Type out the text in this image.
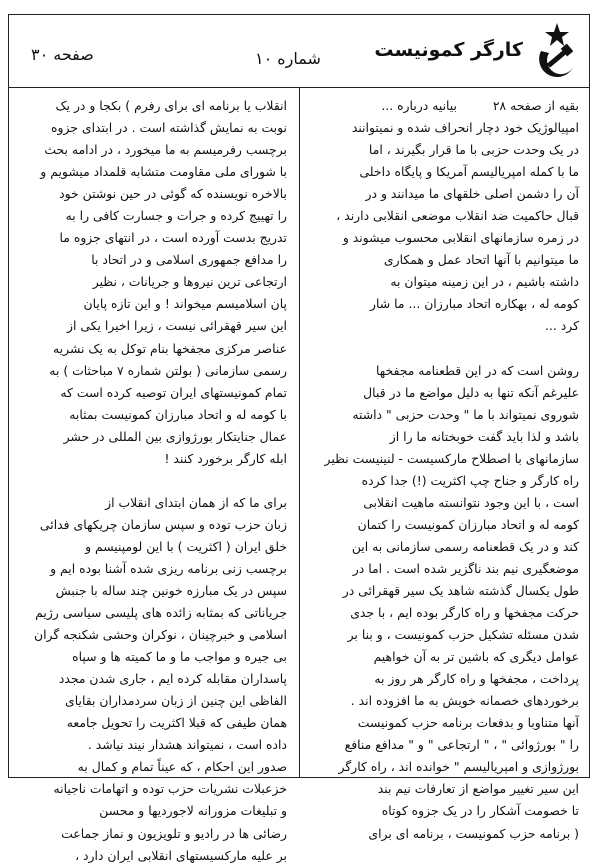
کارگر کمونیست
شماره ۱۰
صفحه ۳۰
بقیه از صفحه ۲۸  بیانیه درباره ...
امپیالوژیک خود دچار انحراف شده و نمیتوانند
در یک وحدت حزبی با ما قرار بگیرند ، اما
ما با کمله امپریالیسم آمریکا و پایگاه داخلی
آن را دشمن اصلی خلقهای ما میدانند و در
قبال حاکمیت ضد انقلاب موضعی انقلابی دارند ،
در زمره سازمانهای انقلابی محسوب میشوند و
ما میتوانیم با آنها اتحاد عمل و همکاری
داشته باشیم ، در این زمینه میتوان به
کومه له ، بهکاره اتحاد مبارزان ... ما شار
کرد ...
روشن است که در این قطعنامه مجفخها
علیرغم آنکه تنها به دلیل مواضع ما در قبال
شوروی نمیتواند با ما " وحدت حزبی " داشته
باشد و لذا باید گفت خوبختانه ما را از
سازمانهای با اصطلاح مارکسیست - لنینیست نظیر
راه کارگر و جناح چپ اکثریت (!) جدا کرده
است ، با این وجود نتوانسته ماهیت انقلابی
کومه له و اتحاد مبارزان کمونیست را کتمان
کند و در یک قطعنامه رسمی سازمانی به این
موضعگیری نیم بند ناگزیر شده است . اما در
طول یکسال گذشته شاهد یک سیر قهقرائی در
حرکت مجفخها و راه کارگر بوده ایم ، با جدی
شدن مسئله تشکیل حزب کمونیست ، و بنا بر
عوامل دیگری که باشین تر به آن خواهیم
پرداخت ، مجفخها و راه کارگر هر روز به
برخوردهای خصمانه خویش به ما افزوده اند .
آنها متناوبا و بدفعات برنامه حزب کمونیست
را " بورژوائی " ، " ارتجاعی " و " مدافع منافع
بورژوازی و امپریالیسم " خوانده اند ، راه کارگر
این سیر تغییر مواضع از تعارفات نیم بند
تا خصومت آشکار را در یک جزوه کوتاه
( برنامه حزب کمونیست ، برنامه ای برای
انقلاب یا برنامه ای برای رفرم ) بکجا و در یک
نوبت به نمایش گذاشته است . در ابتدای جزوه
برچسب رفرمیسم به ما میخورد ، در ادامه بحث
با شورای ملی مقاومت متشابه قلمداد میشویم و
بالاخره نویسنده که گوئی در حین نوشتن خود
را تهییج کرده و جرات و جسارت کافی را به
تدریج بدست آورده است ، در انتهای جزوه ما
را مدافع جمهوری اسلامی و در اتحاد با
ارتجاعی ترین نیروها و جریانات ، نظیر
پان اسلامیسم میخواند ! و این تازه پایان
این سیر قهقرائی نیست ، زیرا اخیرا یکی از
عناصر مرکزی مجفخها بنام توکل به یک نشریه
رسمی سازمانی ( بولتن شماره ۷ مباحثات ) به
تمام کمونیستهای ایران توصیه کرده است که
با کومه له و اتحاد مبارزان کمونیست بمثابه
عمال جنایتکار بورژوازی بین المللی در حشر
ابله کارگر برخورد کنند !
برای ما که از همان ابتدای انقلاب از
زبان حزب توده و سپس سازمان چریکهای فدائی
خلق ایران ( اکثریت ) با این لومپنیسم و
برچسب زنی برنامه ریزی شده آشنا بوده ایم و
سپس در یک مبارزه خونین چند ساله با جنبش
جریاناتی که بمثابه زائده های پلیسی سیاسی رژیم
اسلامی و خبرچینان ، نوکران وحشی شکنجه گران
بی جیره و مواجب ما و ما کمیته ها و سپاه
پاسداران مقابله کرده ایم ، جاری شدن مجدد
الفاظی این چنین از زبان سردمداران بقایای
همان طیفی که قبلا اکثریت را تحویل جامعه
داده است ، نمیتواند هشدار نیند نیاشد .
صدور این احکام ، که عیناً تمام و کمال به
خزعبلات نشریات حزب توده و اتهامات ناجیانه
و تبلیغات مزورانه لاجوردیها و محسن
رضائی ها در رادیو و تلویزیون و نماز جماعت
بر علیه مارکسیستهای انقلابی ایران دارد ،
